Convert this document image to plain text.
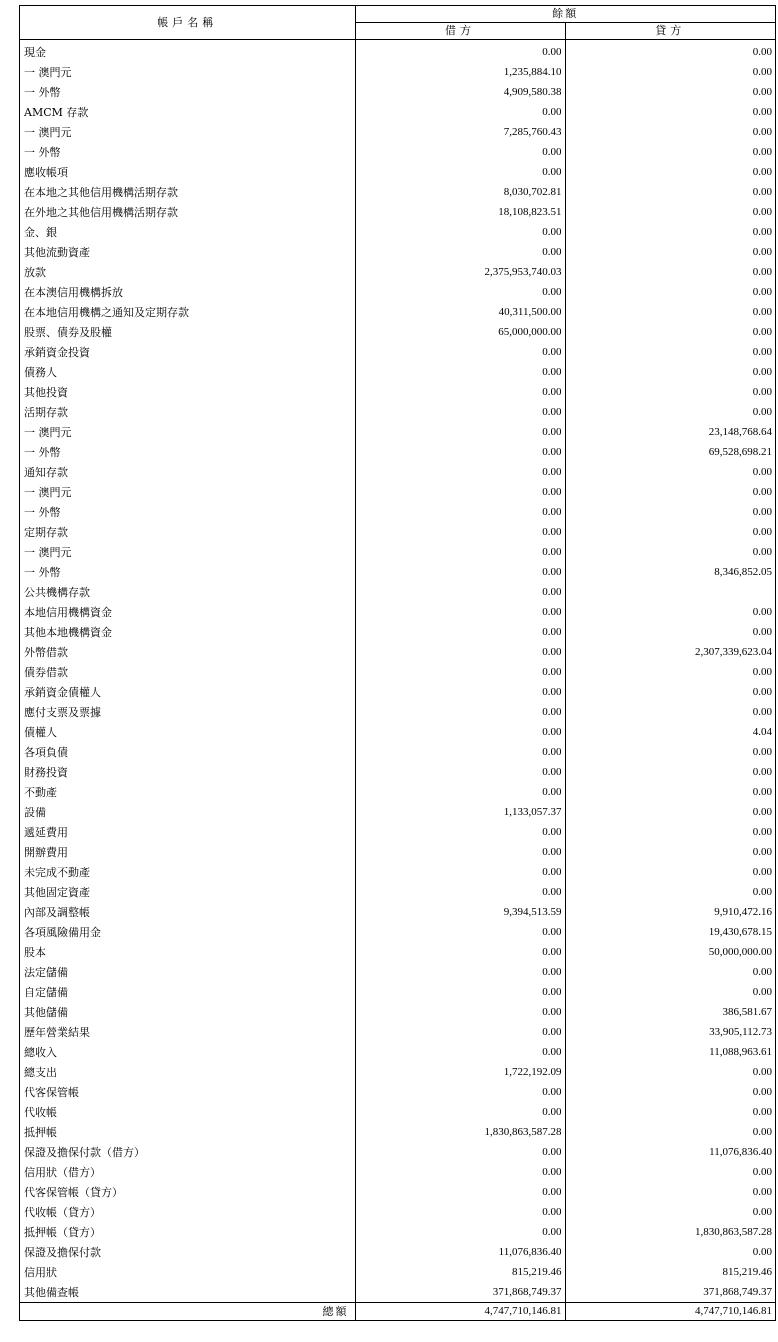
帳戶名稱	餘額	
	借方	貸方
現金	0.00	0.00
一 澳門元	1,235,884.10	0.00
一 外幣	4,909,580.38	0.00
AMCM 存款	0.00	0.00
一 澳門元	7,285,760.43	0.00
一 外幣	0.00	0.00
應收帳項	0.00	0.00
在本地之其他信用機構活期存款	8,030,702.81	0.00
在外地之其他信用機構活期存款	18,108,823.51	0.00
金、銀	0.00	0.00
其他流動資產	0.00	0.00
放款	2,375,953,740.03	0.00
在本澳信用機構拆放	0.00	0.00
在本地信用機構之通知及定期存款	40,311,500.00	0.00
股票、債券及股權	65,000,000.00	0.00
承銷資金投資	0.00	0.00
債務人	0.00	0.00
其他投資	0.00	0.00
活期存款	0.00	0.00
一 澳門元	0.00	23,148,768.64
一 外幣	0.00	69,528,698.21
通知存款	0.00	0.00
一 澳門元	0.00	0.00
一 外幣	0.00	0.00
定期存款	0.00	0.00
一 澳門元	0.00	0.00
一 外幣	0.00	8,346,852.05
公共機構存款	0.00	
本地信用機構資金	0.00	0.00
其他本地機構資金	0.00	0.00
外幣借款	0.00	2,307,339,623.04
債券借款	0.00	0.00
承銷資金債權人	0.00	0.00
應付支票及票據	0.00	0.00
債權人	0.00	4.04
各項負債	0.00	0.00
財務投資	0.00	0.00
不動產	0.00	0.00
設備	1,133,057.37	0.00
遞延費用	0.00	0.00
開辦費用	0.00	0.00
未完成不動產	0.00	0.00
其他固定資產	0.00	0.00
內部及調整帳	9,394,513.59	9,910,472.16
各項風險備用金	0.00	19,430,678.15
股本	0.00	50,000,000.00
法定儲備	0.00	0.00
自定儲備	0.00	0.00
其他儲備	0.00	386,581.67
歷年營業結果	0.00	33,905,112.73
總收入	0.00	11,088,963.61
總支出	1,722,192.09	0.00
代客保管帳	0.00	0.00
代收帳	0.00	0.00
抵押帳	1,830,863,587.28	0.00
保證及擔保付款（借方）	0.00	11,076,836.40
信用狀（借方）	0.00	0.00
代客保管帳（貸方）	0.00	0.00
代收帳（貸方）	0.00	0.00
抵押帳（貸方）	0.00	1,830,863,587.28
保證及擔保付款	11,076,836.40	0.00
信用狀	815,219.46	815,219.46
其他備查帳	371,868,749.37	371,868,749.37
總額	4,747,710,146.81	4,747,710,146.81
